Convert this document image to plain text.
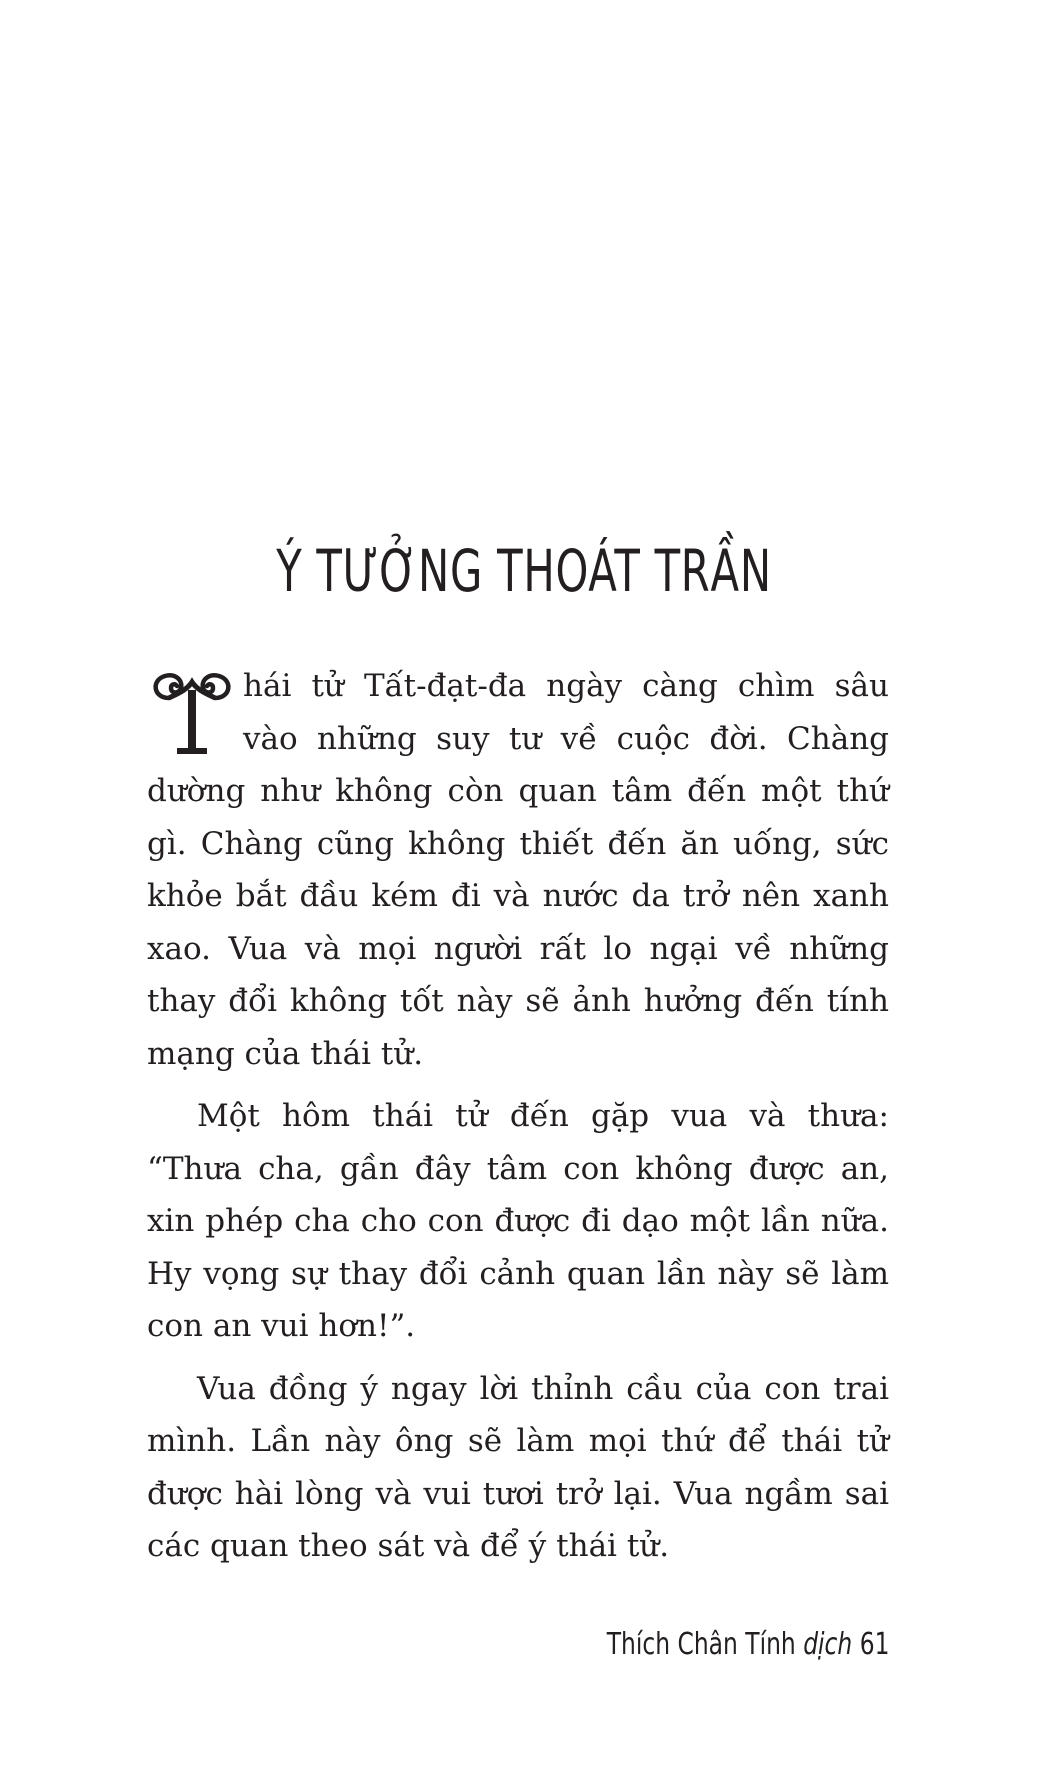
Ý TƯỞNG THOÁT TRẦN

hái tử Tất-đạt-đa ngày càng chìm sâu vào những suy tư về cuộc đời. Chàng dường như không còn quan tâm đến một thứ gì. Chàng cũng không thiết đến ăn uống, sức khỏe bắt đầu kém đi và nước da trở nên xanh xao. Vua và mọi người rất lo ngại về những thay đổi không tốt này sẽ ảnh hưởng đến tính mạng của thái tử.

Một hôm thái tử đến gặp vua và thưa: “Thưa cha, gần đây tâm con không được an, xin phép cha cho con được đi dạo một lần nữa. Hy vọng sự thay đổi cảnh quan lần này sẽ làm con an vui hơn!”.

Vua đồng ý ngay lời thỉnh cầu của con trai mình. Lần này ông sẽ làm mọi thứ để thái tử được hài lòng và vui tươi trở lại. Vua ngầm sai các quan theo sát và để ý thái tử.

Thích Chân Tính dịch 61
